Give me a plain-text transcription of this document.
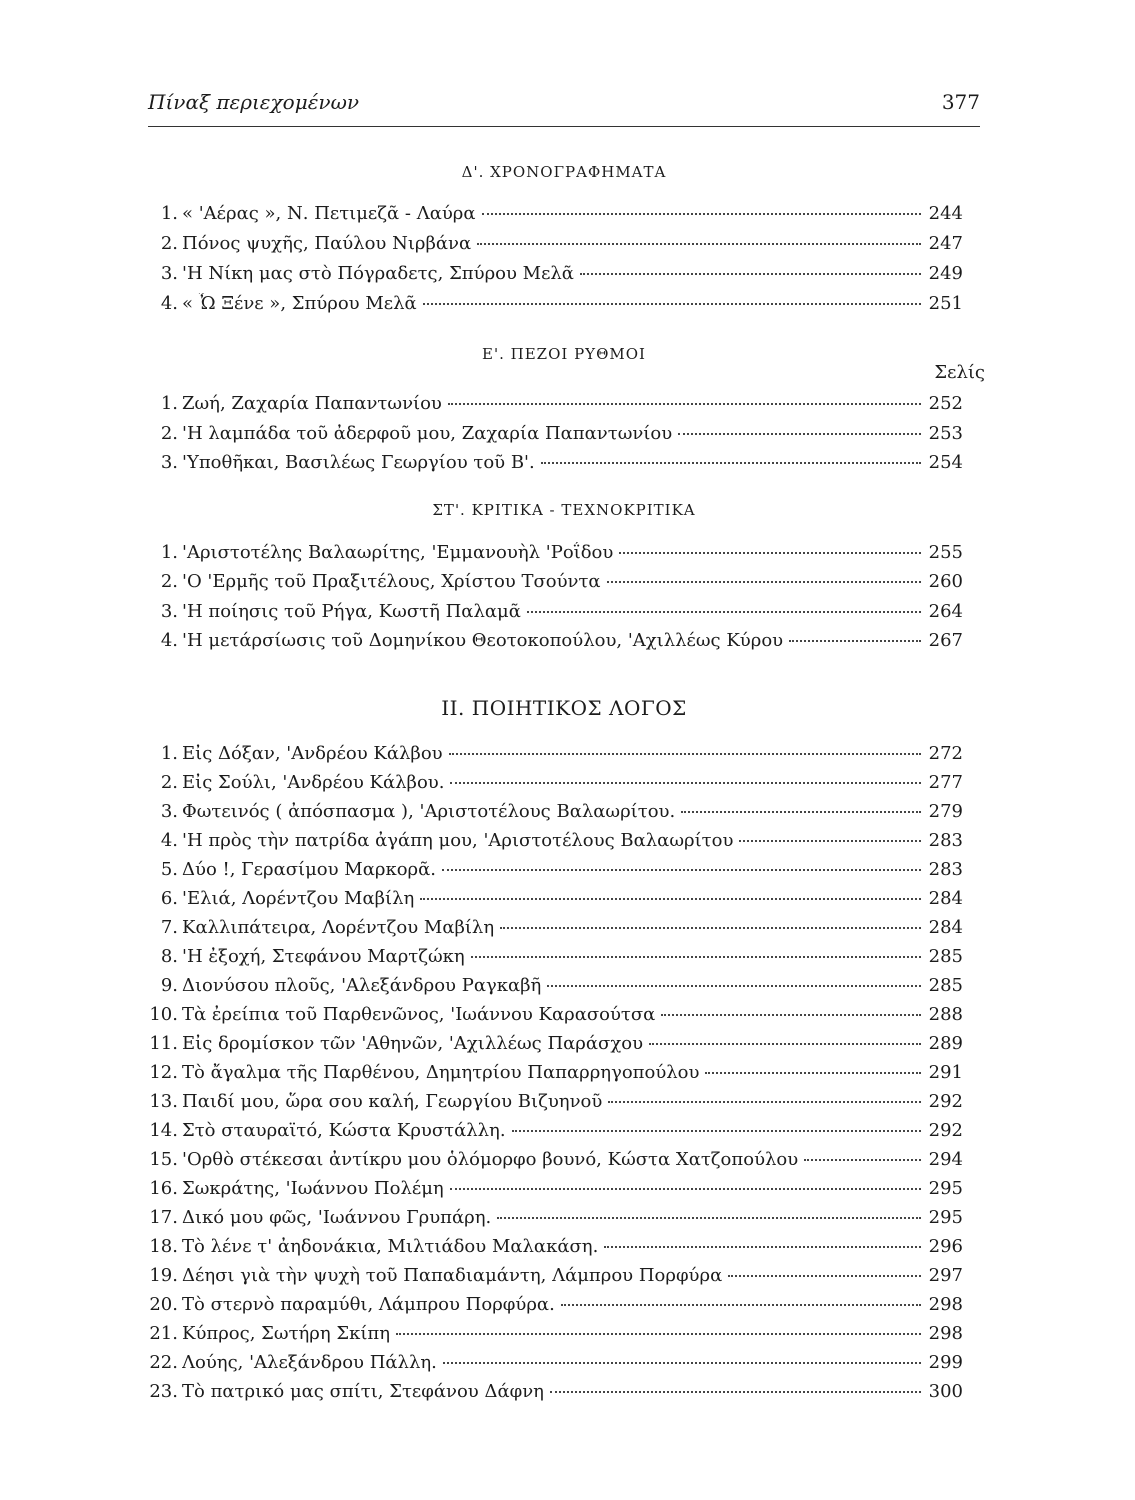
Πίναξ περιεχομένων	377
Δ'. ΧΡΟΝΟΓΡΑΦΗΜΑΤΑ
1. « 'Αέρας », Ν. Πετιμεζᾶ - Λαύρα	244
2. Πόνος ψυχῆς, Παύλου Νιρβάνα	247
3. 'Η Νίκη μας στὸ Πόγραδετς, Σπύρου Μελᾶ	249
4. « Ὦ Ξένε », Σπύρου Μελᾶ	251
Ε'. ΠΕΖΟΙ ΡΥΘΜΟΙ
Σελίς
1. Ζωή, Ζαχαρία Παπαντωνίου	252
2. 'Η λαμπάδα τοῦ ἀδερφοῦ μου, Ζαχαρία Παπαντωνίου	253
3. 'Υποθῆκαι, Βασιλέως Γεωργίου τοῦ Β'.	254
ΣΤ'. ΚΡΙΤΙΚΑ - ΤΕΧΝΟΚΡΙΤΙΚΑ
1. 'Αριστοτέλης Βαλαωρίτης, 'Εμμανουὴλ 'Ροΐδου	255
2. 'Ο 'Ερμῆς τοῦ Πραξιτέλους, Χρίστου Τσούντα	260
3. 'Η ποίησις τοῦ Ρήγα, Κωστῆ Παλαμᾶ	264
4. 'Η μετάρσίωσις τοῦ Δομηνίκου Θεοτοκοπούλου, 'Αχιλλέως Κύρου	267
ΙΙ. ΠΟΙΗΤΙΚΟΣ ΛΟΓΟΣ
1. Εἰς Δόξαν, 'Ανδρέου Κάλβου	272
2. Εἰς Σούλι, 'Ανδρέου Κάλβου.	277
3. Φωτεινός ( ἀπόσπασμα ), 'Αριστοτέλους Βαλαωρίτου.	279
4. 'Η πρὸς τὴν πατρίδα ἀγάπη μου, 'Αριστοτέλους Βαλαωρίτου	283
5. Δύο !, Γερασίμου Μαρκορᾶ.	283
6. 'Ελιά, Λορέντζου Μαβίλη	284
7. Καλλιπάτειρα, Λορέντζου Μαβίλη	284
8. 'Η ἐξοχή, Στεφάνου Μαρτζώκη	285
9. Διονύσου πλοῦς, 'Αλεξάνδρου Ραγκαβῆ	285
10. Τὰ ἐρείπια τοῦ Παρθενῶνος, 'Ιωάννου Καρασούτσα	288
11. Εἰς δρομίσκον τῶν 'Αθηνῶν, 'Αχιλλέως Παράσχου	289
12. Τὸ ἄγαλμα τῆς Παρθένου, Δημητρίου Παπαρρηγοπούλου	291
13. Παιδί μου, ὥρα σου καλή, Γεωργίου Βιζυηνοῦ	292
14. Στὸ σταυραϊτό, Κώστα Κρυστάλλη.	292
15. 'Ορθὸ στέκεσαι ἀντίκρυ μου ὁλόμορφο βουνό, Κώστα Χατζοπούλου	294
16. Σωκράτης, 'Ιωάννου Πολέμη	295
17. Δικό μου φῶς, 'Ιωάννου Γρυπάρη.	295
18. Τὸ λένε τ' ἀηδονάκια, Μιλτιάδου Μαλακάση.	296
19. Δέησι γιὰ τὴν ψυχὴ τοῦ Παπαδιαμάντη, Λάμπρου Πορφύρα	297
20. Τὸ στερνὸ παραμύθι, Λάμπρου Πορφύρα.	298
21. Κύπρος, Σωτήρη Σκίπη	298
22. Λούης, 'Αλεξάνδρου Πάλλη.	299
23. Τὸ πατρικό μας σπίτι, Στεφάνου Δάφνη	300
